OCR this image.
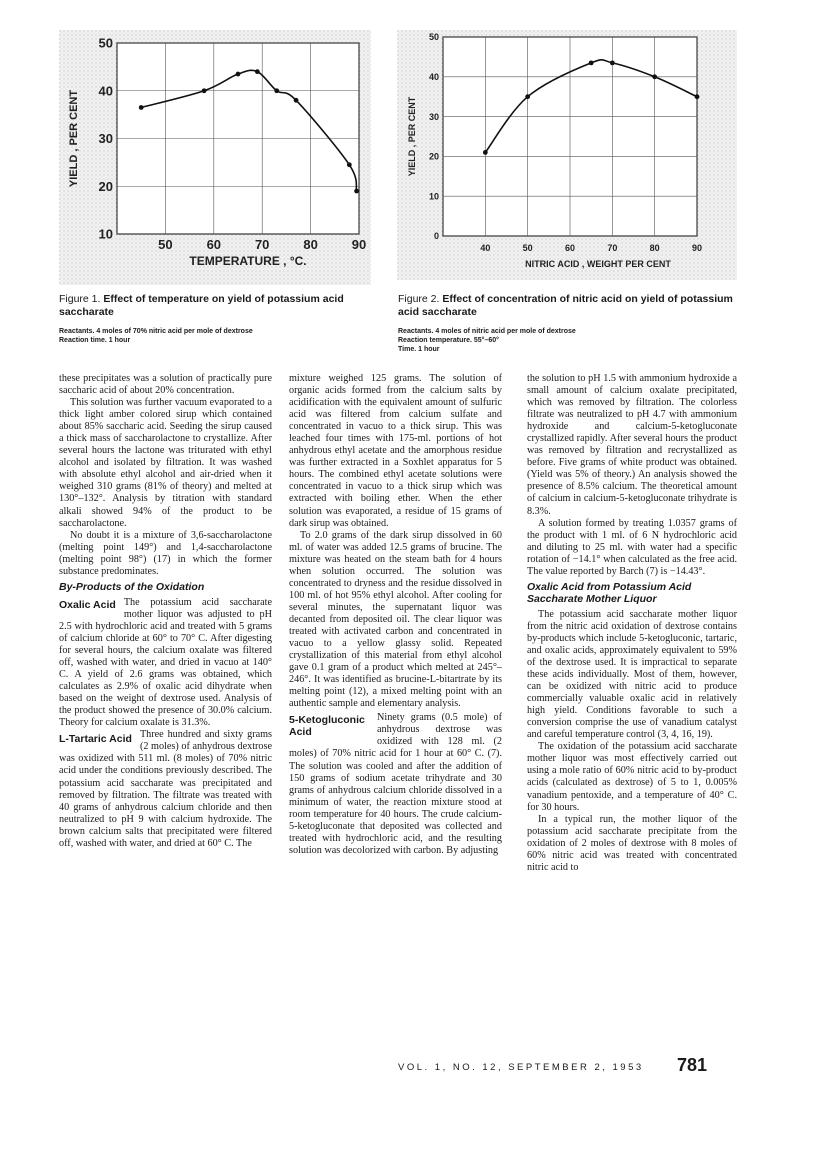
50	60	70	80	90
10
20
30
40
50
TEMPERATURE , °C.
YIELD , PER CENT
Figure 1. Effect of temperature on yield of potassium acid saccharate
Reactants. 4 moles of 70% nitric acid per mole of dextrose
Reaction time. 1 hour
40	50	60	70	80	90
0
10
20
30
40
50
NITRIC ACID , WEIGHT PER CENT
YIELD , PER CENT
Figure 2. Effect of concentration of nitric acid on yield of potassium acid saccharate
Reactants. 4 moles of nitric acid per mole of dextrose
Reaction temperature. 55°–60°
Time. 1 hour

these precipitates was a solution of practically pure saccharic acid of about 20% concentration.

This solution was further vacuum evaporated to a thick light amber colored sirup which contained about 85% saccharic acid. Seeding the sirup caused a thick mass of saccharolactone to crystallize. After several hours the lactone was triturated with ethyl alcohol and isolated by filtration. It was washed with absolute ethyl alcohol and air-dried when it weighed 310 grams (81% of theory) and melted at 130°–132°. Analysis by titration with standard alkali showed 94% of the product to be saccharolactone.

No doubt it is a mixture of 3,6-saccharolactone (melting point 149°) and 1,4-saccharolactone (melting point 98°) (17) in which the former substance predominates.

By-Products of the Oxidation

Oxalic Acid The potassium acid saccharate mother liquor was adjusted to pH 2.5 with hydrochloric acid and treated with 5 grams of calcium chloride at 60° to 70° C. After digesting for several hours, the calcium oxalate was filtered off, washed with water, and dried in vacuo at 140° C. A yield of 2.6 grams was obtained, which calculates as 2.9% of oxalic acid dihydrate when based on the weight of dextrose used. Analysis of the product showed the presence of 30.0% calcium. Theory for calcium oxalate is 31.3%.

L-Tartaric Acid Three hundred and sixty grams (2 moles) of anhydrous dextrose was oxidized with 511 ml. (8 moles) of 70% nitric acid under the conditions previously described. The potassium acid saccharate was precipitated and removed by filtration. The filtrate was treated with 40 grams of anhydrous calcium chloride and then neutralized to pH 9 with calcium hydroxide. The brown calcium salts that precipitated were filtered off, washed with water, and dried at 60° C. The

mixture weighed 125 grams. The solution of organic acids formed from the calcium salts by acidification with the equivalent amount of sulfuric acid was filtered from calcium sulfate and concentrated in vacuo to a thick sirup. This was leached four times with 175-ml. portions of hot anhydrous ethyl acetate and the amorphous residue was further extracted in a Soxhlet apparatus for 5 hours. The combined ethyl acetate solutions were concentrated in vacuo to a thick sirup which was extracted with boiling ether. When the ether solution was evaporated, a residue of 15 grams of dark sirup was obtained.

To 2.0 grams of the dark sirup dissolved in 60 ml. of water was added 12.5 grams of brucine. The mixture was heated on the steam bath for 4 hours when solution occurred. The solution was concentrated to dryness and the residue dissolved in 100 ml. of hot 95% ethyl alcohol. After cooling for several minutes, the supernatant liquor was decanted from deposited oil. The clear liquor was treated with activated carbon and concentrated in vacuo to a yellow glassy solid. Repeated crystallization of this material from ethyl alcohol gave 0.1 gram of a product which melted at 245°–246°. It was identified as brucine-L-bitartrate by its melting point (12), a mixed melting point with an authentic sample and elementary analysis.

5-Ketogluconic Acid
Ninety grams (0.5 mole) of anhydrous dextrose was oxidized with 128 ml. (2 moles) of 70% nitric acid for 1 hour at 60° C. (7). The solution was cooled and after the addition of 150 grams of sodium acetate trihydrate and 30 grams of anhydrous calcium chloride dissolved in a minimum of water, the reaction mixture stood at room temperature for 40 hours. The crude calcium-5-ketogluconate that deposited was collected and treated with hydrochloric acid, and the resulting solution was decolorized with carbon. By adjusting

the solution to pH 1.5 with ammonium hydroxide a small amount of calcium oxalate precipitated, which was removed by filtration. The colorless filtrate was neutralized to pH 4.7 with ammonium hydroxide and calcium-5-ketogluconate crystallized rapidly. After several hours the product was removed by filtration and recrystallized as before. Five grams of white product was obtained. (Yield was 5% of theory.) An analysis showed the presence of 8.5% calcium. The theoretical amount of calcium in calcium-5-ketogluconate trihydrate is 8.3%.

A solution formed by treating 1.0357 grams of the product with 1 ml. of 6 N hydrochloric acid and diluting to 25 ml. with water had a specific rotation of −14.1° when calculated as the free acid. The value reported by Barch (7) is −14.43°.

Oxalic Acid from Potassium Acid Saccharate Mother Liquor

The potassium acid saccharate mother liquor from the nitric acid oxidation of dextrose contains by-products which include 5-ketogluconic, tartaric, and oxalic acids, approximately equivalent to 59% of the dextrose used. It is impractical to separate these acids individually. Most of them, however, can be oxidized with nitric acid to produce commercially valuable oxalic acid in relatively high yield. Conditions favorable to such a conversion comprise the use of vanadium catalyst and careful temperature control (3, 4, 16, 19).

The oxidation of the potassium acid saccharate mother liquor was most effectively carried out using a mole ratio of 60% nitric acid to by-product acids (calculated as dextrose) of 5 to 1, 0.005% vanadium pentoxide, and a temperature of 40° C. for 30 hours.

In a typical run, the mother liquor of the potassium acid saccharate precipitate from the oxidation of 2 moles of dextrose with 8 moles of 60% nitric acid was treated with concentrated nitric acid to

VOL. 1, NO. 12, SEPTEMBER 2, 1953 781
